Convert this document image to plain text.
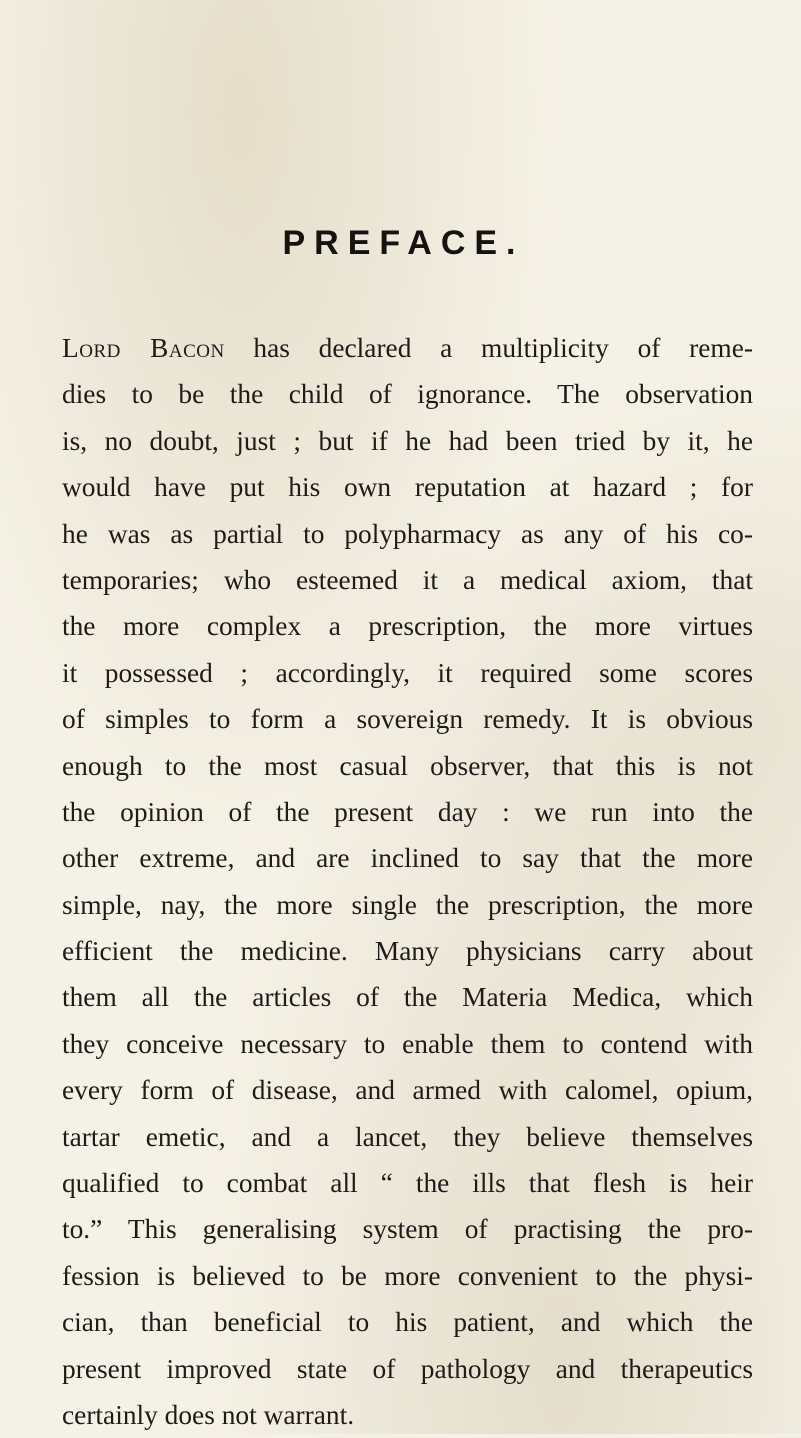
PREFACE.
Lord Bacon has declared a multiplicity of reme-
dies to be the child of ignorance. The observation
is, no doubt, just ; but if he had been tried by it, he
would have put his own reputation at hazard ; for
he was as partial to polypharmacy as any of his co-
temporaries; who esteemed it a medical axiom, that
the more complex a prescription, the more virtues
it possessed ; accordingly, it required some scores
of simples to form a sovereign remedy. It is obvious
enough to the most casual observer, that this is not
the opinion of the present day : we run into the
other extreme, and are inclined to say that the more
simple, nay, the more single the prescription, the more
efficient the medicine. Many physicians carry about
them all the articles of the Materia Medica, which
they conceive necessary to enable them to contend with
every form of disease, and armed with calomel, opium,
tartar emetic, and a lancet, they believe themselves
qualified to combat all “ the ills that flesh is heir
to.” This generalising system of practising the pro-
fession is believed to be more convenient to the physi-
cian, than beneficial to his patient, and which the
present improved state of pathology and therapeutics
certainly does not warrant.
